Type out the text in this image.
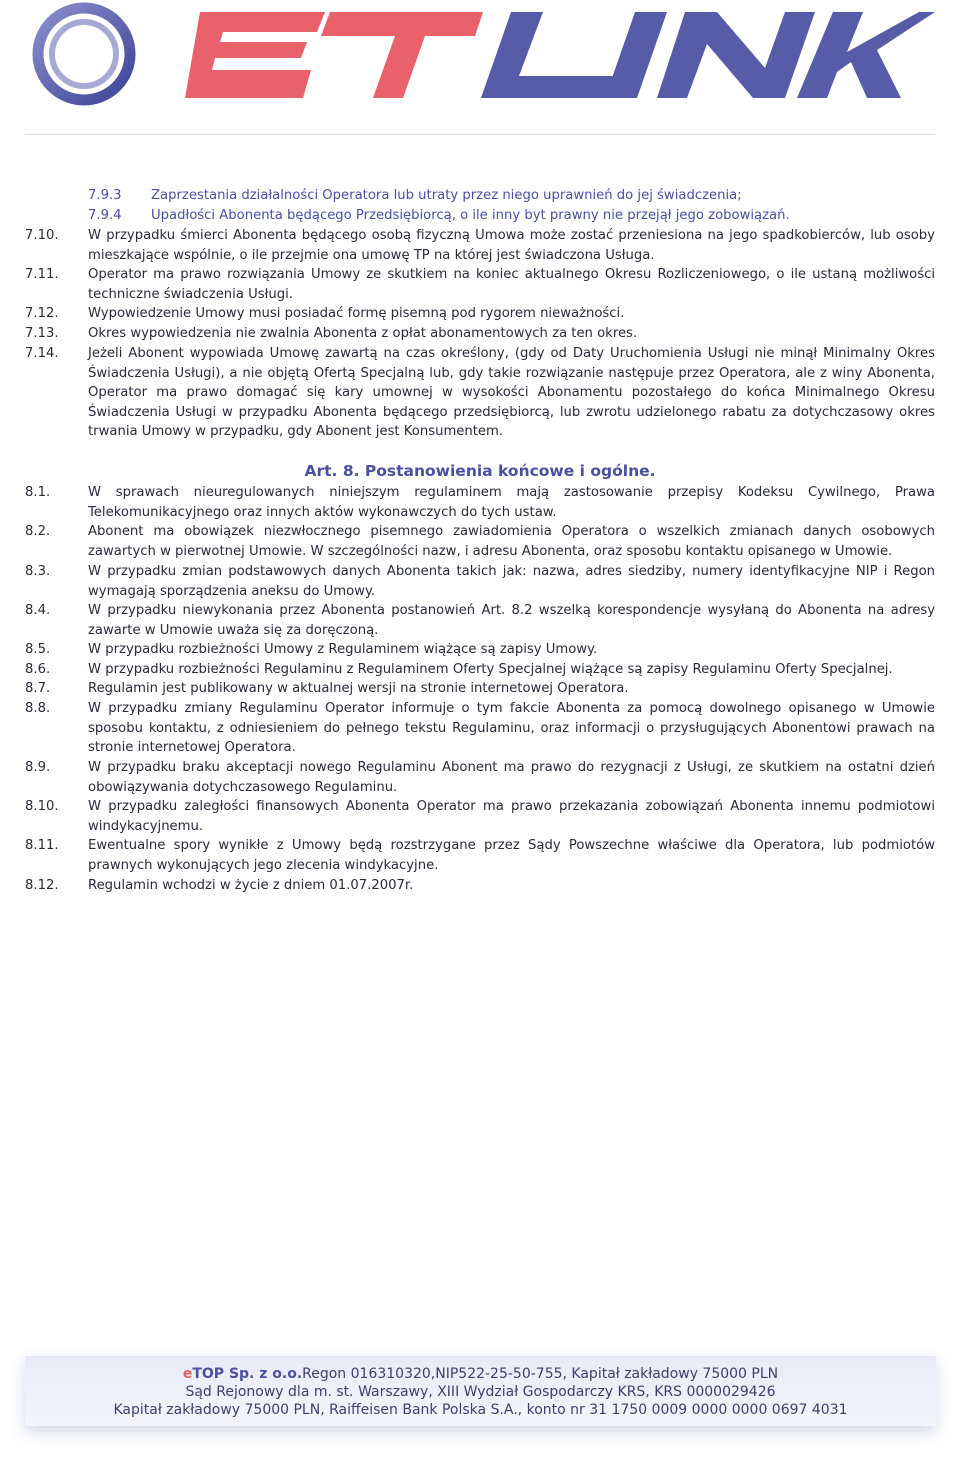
7.9.3 Zaprzestania działalności Operatora lub utraty przez niego uprawnień do jej świadczenia;
7.9.4 Upadłości Abonenta będącego Przedsiębiorcą, o ile inny byt prawny nie przejął jego zobowiązań.
7.10. W przypadku śmierci Abonenta będącego osobą fizyczną Umowa może zostać przeniesiona na jego spadkobierców, lub osoby mieszkające wspólnie, o ile przejmie ona umowę TP na której jest świadczona Usługa.
7.11. Operator ma prawo rozwiązania Umowy ze skutkiem na koniec aktualnego Okresu Rozliczeniowego, o ile ustaną możliwości techniczne świadczenia Usługi.
7.12. Wypowiedzenie Umowy musi posiadać formę pisemną pod rygorem nieważności.
7.13. Okres wypowiedzenia nie zwalnia Abonenta z opłat abonamentowych za ten okres.
7.14. Jeżeli Abonent wypowiada Umowę zawartą na czas określony, (gdy od Daty Uruchomienia Usługi nie minął Minimalny Okres Świadczenia Usługi), a nie objętą Ofertą Specjalną lub, gdy takie rozwiązanie następuje przez Operatora, ale z winy Abonenta, Operator ma prawo domagać się kary umownej w wysokości Abonamentu pozostałego do końca Minimalnego Okresu Świadczenia Usługi w przypadku Abonenta będącego przedsiębiorcą, lub zwrotu udzielonego rabatu za dotychczasowy okres trwania Umowy w przypadku, gdy Abonent jest Konsumentem.
Art. 8. Postanowienia końcowe i ogólne.
8.1.	W sprawach nieuregulowanych niniejszym regulaminem mają zastosowanie przepisy Kodeksu Cywilnego, Prawa Telekomunikacyjnego oraz innych aktów wykonawczych do tych ustaw.
8.2.	Abonent ma obowiązek niezwłocznego pisemnego zawiadomienia Operatora o wszelkich zmianach danych osobowych zawartych w pierwotnej Umowie. W szczególności nazw, i adresu Abonenta, oraz sposobu kontaktu opisanego w Umowie.
8.3.	W przypadku zmian podstawowych danych Abonenta takich jak: nazwa, adres siedziby, numery identyfikacyjne NIP i Regon wymagają sporządzenia aneksu do Umowy.
8.4.	W przypadku niewykonania przez Abonenta postanowień Art. 8.2 wszelką korespondencje wysyłaną do Abonenta na adresy zawarte w Umowie uważa się za doręczoną.
8.5.	W przypadku rozbieżności Umowy z Regulaminem wiążące są zapisy Umowy.
8.6.	W przypadku rozbieżności Regulaminu z Regulaminem Oferty Specjalnej wiążące są zapisy Regulaminu Oferty Specjalnej.
8.7.	Regulamin jest publikowany w aktualnej wersji na stronie internetowej Operatora.
8.8.	W przypadku zmiany Regulaminu Operator informuje o tym fakcie Abonenta za pomocą dowolnego opisanego w Umowie sposobu kontaktu, z odniesieniem do pełnego tekstu Regulaminu, oraz informacji o przysługujących Abonentowi prawach na stronie internetowej Operatora.
8.9.	W przypadku braku akceptacji nowego Regulaminu Abonent ma prawo do rezygnacji z Usługi, ze skutkiem na ostatni dzień obowiązywania dotychczasowego Regulaminu.
8.10. W przypadku zaległości finansowych Abonenta Operator ma prawo przekazania zobowiązań Abonenta innemu podmiotowi windykacyjnemu.
8.11. Ewentualne spory wynikłe z Umowy będą rozstrzygane przez Sądy Powszechne właściwe dla Operatora, lub podmiotów prawnych wykonujących jego zlecenia windykacyjne.
8.12. Regulamin wchodzi w życie z dniem 01.07.2007r.
eTOP Sp. z o.o.Regon 016310320,NIP522-25-50-755, Kapitał zakładowy 75000 PLN
Sąd Rejonowy dla m. st. Warszawy, XIII Wydział Gospodarczy KRS, KRS 0000029426
Kapitał zakładowy 75000 PLN, Raiffeisen Bank Polska S.A., konto nr 31 1750 0009 0000 0000 0697 4031
